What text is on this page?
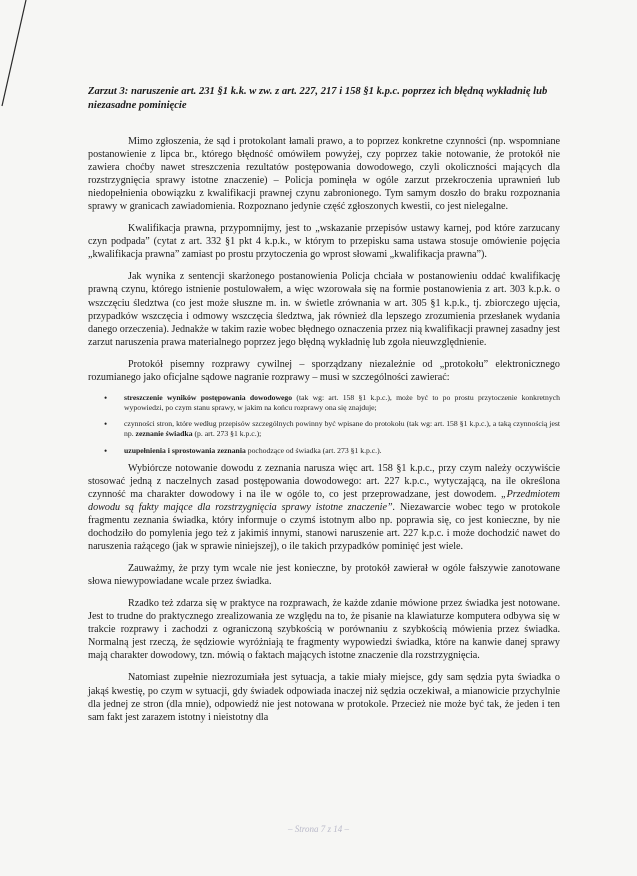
Zarzut 3: naruszenie art. 231 §1 k.k. w zw. z art. 227, 217 i 158 §1 k.p.c. poprzez ich błędną wykładnię lub niezasadne pominięcie

Mimo zgłoszenia, że sąd i protokolant łamali prawo, a to poprzez konkretne czynności (np. wspomniane postanowienie z lipca br., którego błędność omówiłem powyżej, czy poprzez takie notowanie, że protokół nie zawiera choćby nawet streszczenia rezultatów postępowania dowodowego, czyli okoliczności mających dla rozstrzygnięcia sprawy istotne znaczenie) – Policja pominęła w ogóle zarzut przekroczenia uprawnień lub niedopełnienia obowiązku z kwalifikacji prawnej czynu zabronionego. Tym samym doszło do braku rozpoznania sprawy w granicach zawiadomienia. Rozpoznano jedynie część zgłoszonych kwestii, co jest nielegalne.

Kwalifikacja prawna, przypomnijmy, jest to „wskazanie przepisów ustawy karnej, pod które zarzucany czyn podpada” (cytat z art. 332 §1 pkt 4 k.p.k., w którym to przepisku sama ustawa stosuje omówienie pojęcia „kwalifikacja prawna” zamiast po prostu przytoczenia go wprost słowami „kwalifikacja prawna”).

Jak wynika z sentencji skarżonego postanowienia Policja chciała w postanowieniu oddać kwalifikację prawną czynu, którego istnienie postulowałem, a więc wzorowała się na formie postanowienia z art. 303 k.p.k. o wszczęciu śledztwa (co jest może słuszne m. in. w świetle zrównania w art. 305 §1 k.p.k., tj. zbiorczego ujęcia, przypadków wszczęcia i odmowy wszczęcia śledztwa, jak również dla lepszego zrozumienia przesłanek wydania danego orzeczenia). Jednakże w takim razie wobec błędnego oznaczenia przez nią kwalifikacji prawnej zasadny jest zarzut naruszenia prawa materialnego poprzez jego błędną wykładnię lub zgoła nieuwzględnienie.

Protokół pisemny rozprawy cywilnej – sporządzany niezależnie od „protokołu” elektronicznego rozumianego jako oficjalne sądowe nagranie rozprawy – musi w szczególności zawierać:

• streszczenie wyników postępowania dowodowego (tak wg: art. 158 §1 k.p.c.), może być to po prostu przytoczenie konkretnych wypowiedzi, po czym stanu sprawy, w jakim na końcu rozprawy ona się znajduje;
• czynności stron, które według przepisów szczególnych powinny być wpisane do protokołu (tak wg: art. 158 §1 k.p.c.), a taką czynnością jest np. zeznanie świadka (p. art. 273 §1 k.p.c.);
• uzupełnienia i sprostowania zeznania pochodzące od świadka (art. 273 §1 k.p.c.).

Wybiórcze notowanie dowodu z zeznania narusza więc art. 158 §1 k.p.c., przy czym należy oczywiście stosować jedną z naczelnych zasad postępowania dowodowego: art. 227 k.p.c., wytyczającą, na ile określona czynność ma charakter dowodowy i na ile w ogóle to, co jest przeprowadzane, jest dowodem. „Przedmiotem dowodu są fakty mające dla rozstrzygnięcia sprawy istotne znaczenie”. Niezawarcie wobec tego w protokole fragmentu zeznania świadka, który informuje o czymś istotnym albo np. poprawia się, co jest konieczne, by nie dochodziło do pomylenia jego też z jakimiś innymi, stanowi naruszenie art. 227 k.p.c. i może dochodzić nawet do naruszenia rażącego (jak w sprawie niniejszej), o ile takich przypadków pominięć jest wiele.

Zauważmy, że przy tym wcale nie jest konieczne, by protokół zawierał w ogóle fałszywie zanotowane słowa niewypowiadane wcale przez świadka.

Rzadko też zdarza się w praktyce na rozprawach, że każde zdanie mówione przez świadka jest notowane. Jest to trudne do praktycznego zrealizowania ze względu na to, że pisanie na klawiaturze komputera odbywa się w trakcie rozprawy i zachodzi z ograniczoną szybkością w porównaniu z szybkością mówienia przez świadka. Normalną jest rzeczą, że sędziowie wyróżniają te fragmenty wypowiedzi świadka, które na kanwie danej sprawy mają charakter dowodowy, tzn. mówią o faktach mających istotne znaczenie dla rozstrzygnięcia.

Natomiast zupełnie niezrozumiała jest sytuacja, a takie miały miejsce, gdy sam sędzia pyta świadka o jakąś kwestię, po czym w sytuacji, gdy świadek odpowiada inaczej niż sędzia oczekiwał, a mianowicie przychylnie dla jednej ze stron (dla mnie), odpowiedź nie jest notowana w protokole. Przecież nie może być tak, że jeden i ten sam fakt jest zarazem istotny i nieistotny dla

– Strona 7 z 14 –
